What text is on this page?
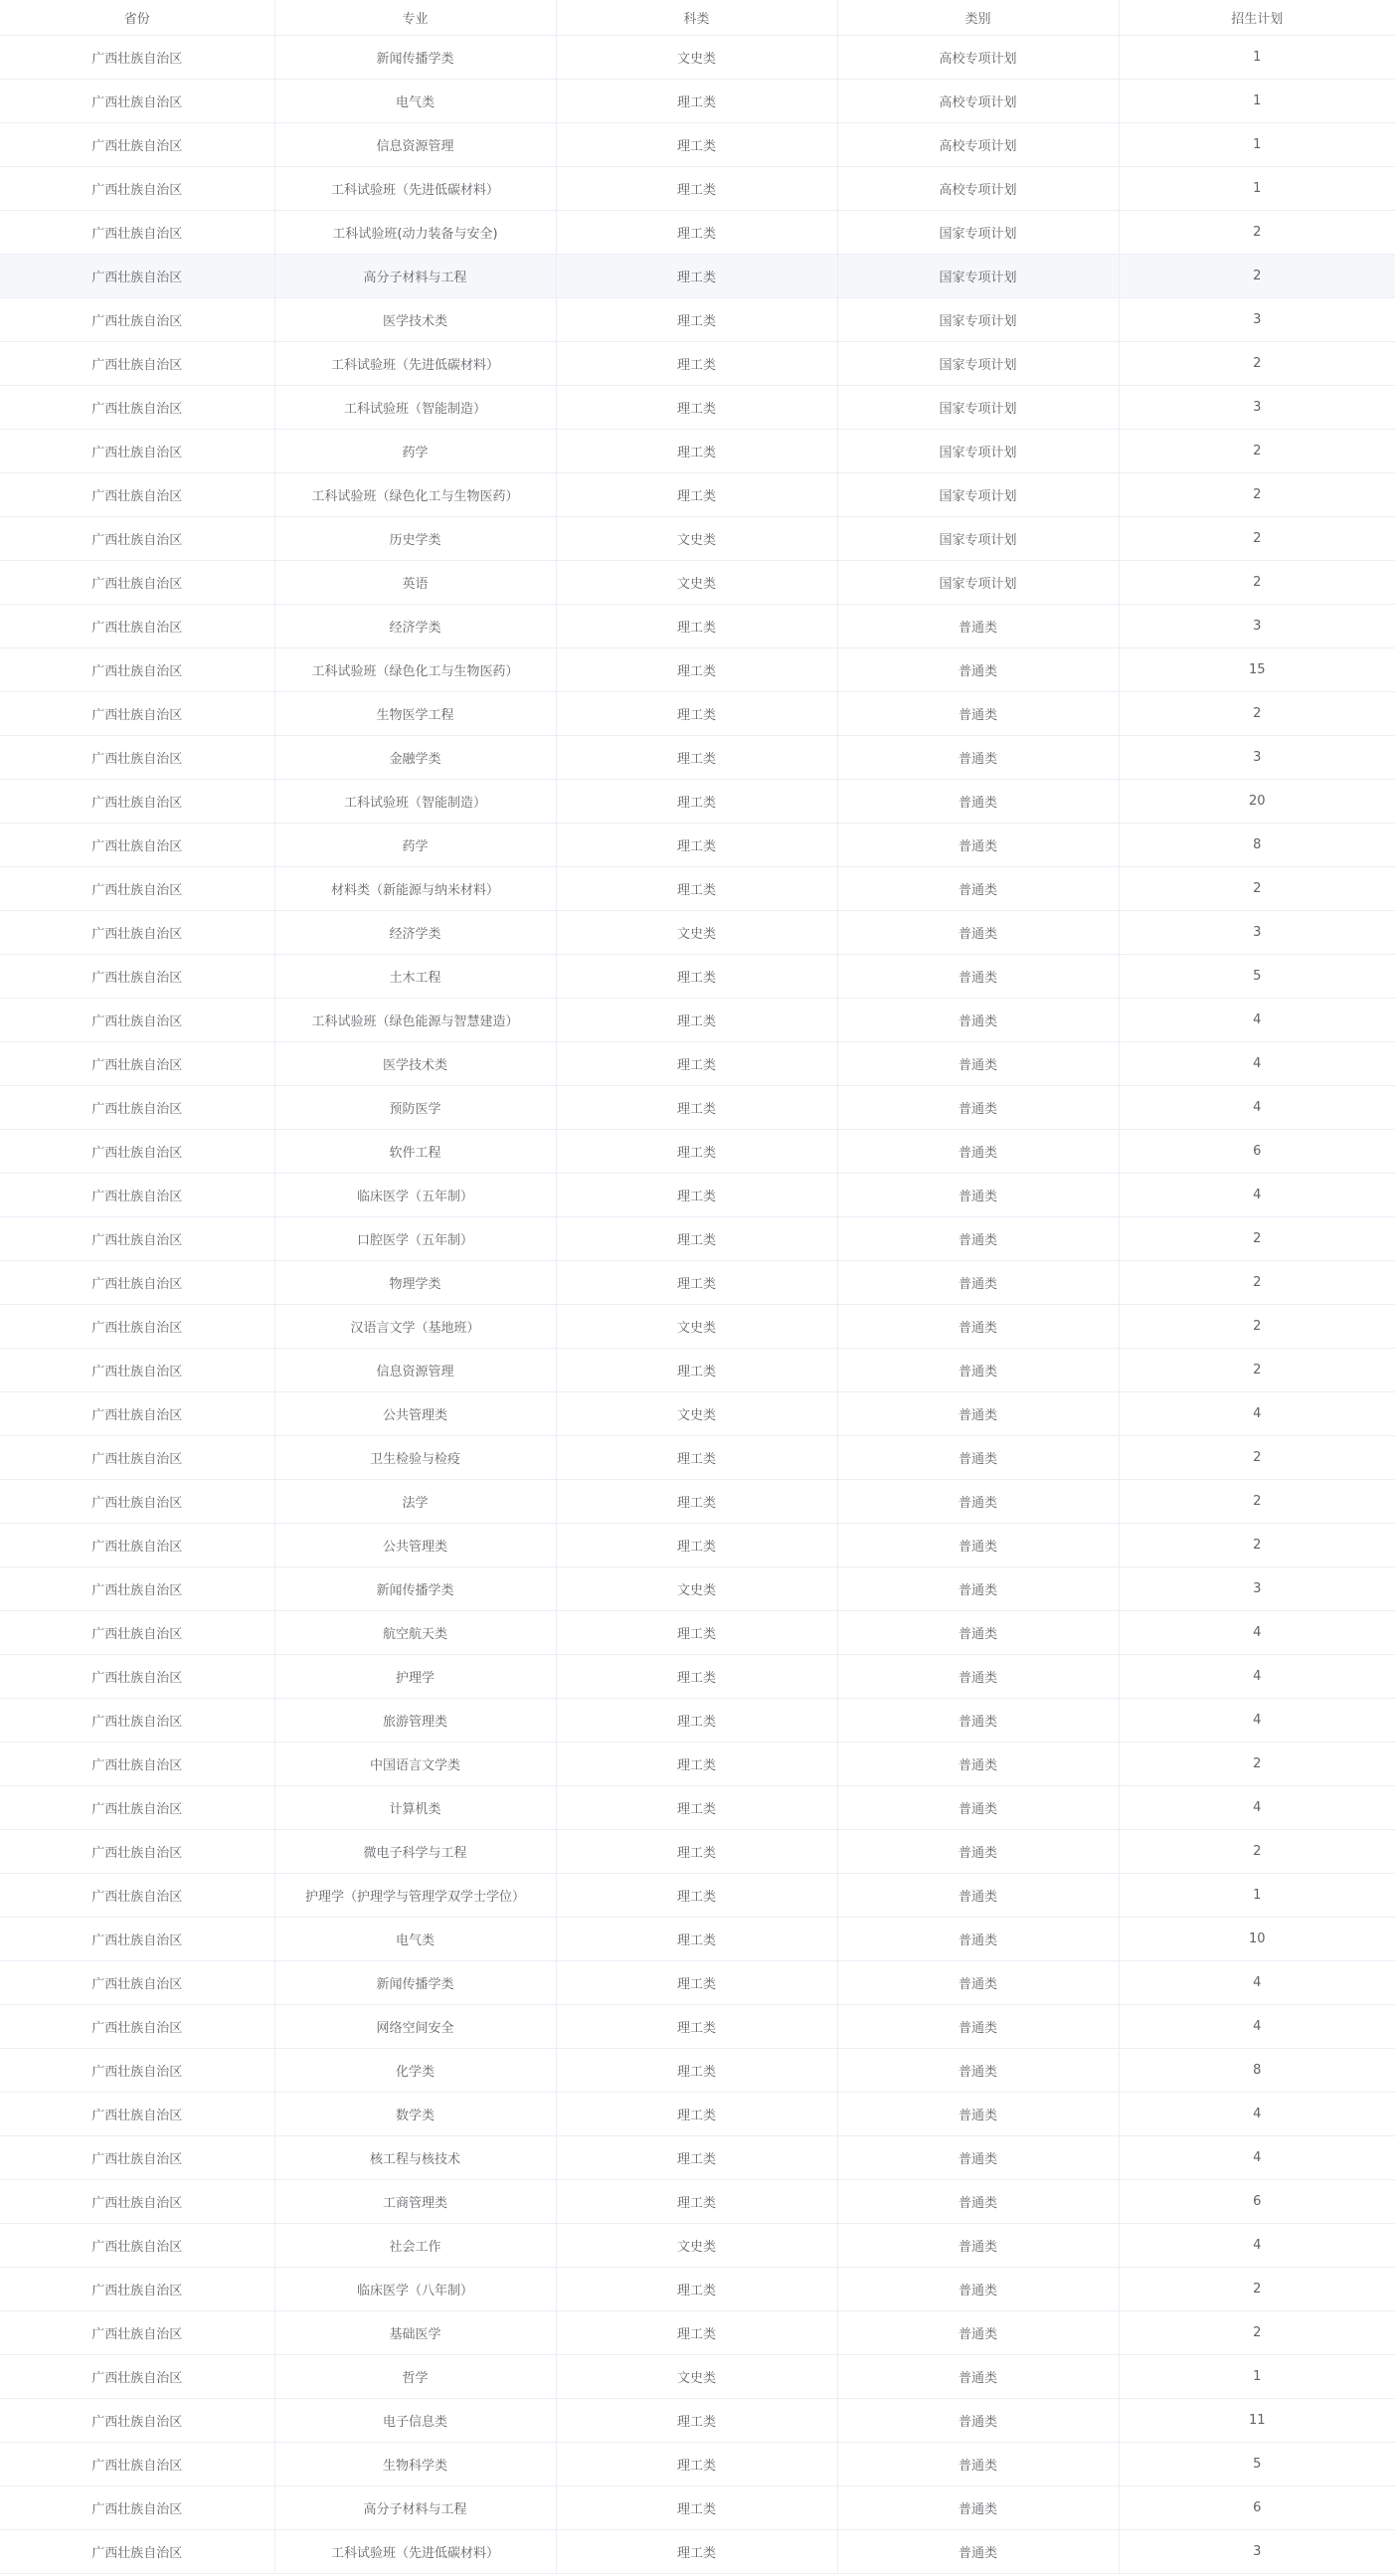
省份	专业	科类	类别	招生计划
广西壮族自治区	新闻传播学类	文史类	高校专项计划	1
广西壮族自治区	电气类	理工类	高校专项计划	1
广西壮族自治区	信息资源管理	理工类	高校专项计划	1
广西壮族自治区	工科试验班（先进低碳材料）	理工类	高校专项计划	1
广西壮族自治区	工科试验班(动力装备与安全)	理工类	国家专项计划	2
广西壮族自治区	高分子材料与工程	理工类	国家专项计划	2
广西壮族自治区	医学技术类	理工类	国家专项计划	3
广西壮族自治区	工科试验班（先进低碳材料）	理工类	国家专项计划	2
广西壮族自治区	工科试验班（智能制造）	理工类	国家专项计划	3
广西壮族自治区	药学	理工类	国家专项计划	2
广西壮族自治区	工科试验班（绿色化工与生物医药）	理工类	国家专项计划	2
广西壮族自治区	历史学类	文史类	国家专项计划	2
广西壮族自治区	英语	文史类	国家专项计划	2
广西壮族自治区	经济学类	理工类	普通类	3
广西壮族自治区	工科试验班（绿色化工与生物医药）	理工类	普通类	15
广西壮族自治区	生物医学工程	理工类	普通类	2
广西壮族自治区	金融学类	理工类	普通类	3
广西壮族自治区	工科试验班（智能制造）	理工类	普通类	20
广西壮族自治区	药学	理工类	普通类	8
广西壮族自治区	材料类（新能源与纳米材料）	理工类	普通类	2
广西壮族自治区	经济学类	文史类	普通类	3
广西壮族自治区	土木工程	理工类	普通类	5
广西壮族自治区	工科试验班（绿色能源与智慧建造）	理工类	普通类	4
广西壮族自治区	医学技术类	理工类	普通类	4
广西壮族自治区	预防医学	理工类	普通类	4
广西壮族自治区	软件工程	理工类	普通类	6
广西壮族自治区	临床医学（五年制）	理工类	普通类	4
广西壮族自治区	口腔医学（五年制）	理工类	普通类	2
广西壮族自治区	物理学类	理工类	普通类	2
广西壮族自治区	汉语言文学（基地班）	文史类	普通类	2
广西壮族自治区	信息资源管理	理工类	普通类	2
广西壮族自治区	公共管理类	文史类	普通类	4
广西壮族自治区	卫生检验与检疫	理工类	普通类	2
广西壮族自治区	法学	理工类	普通类	2
广西壮族自治区	公共管理类	理工类	普通类	2
广西壮族自治区	新闻传播学类	文史类	普通类	3
广西壮族自治区	航空航天类	理工类	普通类	4
广西壮族自治区	护理学	理工类	普通类	4
广西壮族自治区	旅游管理类	理工类	普通类	4
广西壮族自治区	中国语言文学类	理工类	普通类	2
广西壮族自治区	计算机类	理工类	普通类	4
广西壮族自治区	微电子科学与工程	理工类	普通类	2
广西壮族自治区	护理学（护理学与管理学双学士学位）	理工类	普通类	1
广西壮族自治区	电气类	理工类	普通类	10
广西壮族自治区	新闻传播学类	理工类	普通类	4
广西壮族自治区	网络空间安全	理工类	普通类	4
广西壮族自治区	化学类	理工类	普通类	8
广西壮族自治区	数学类	理工类	普通类	4
广西壮族自治区	核工程与核技术	理工类	普通类	4
广西壮族自治区	工商管理类	理工类	普通类	6
广西壮族自治区	社会工作	文史类	普通类	4
广西壮族自治区	临床医学（八年制）	理工类	普通类	2
广西壮族自治区	基础医学	理工类	普通类	2
广西壮族自治区	哲学	文史类	普通类	1
广西壮族自治区	电子信息类	理工类	普通类	11
广西壮族自治区	生物科学类	理工类	普通类	5
广西壮族自治区	高分子材料与工程	理工类	普通类	6
广西壮族自治区	工科试验班（先进低碳材料）	理工类	普通类	3
